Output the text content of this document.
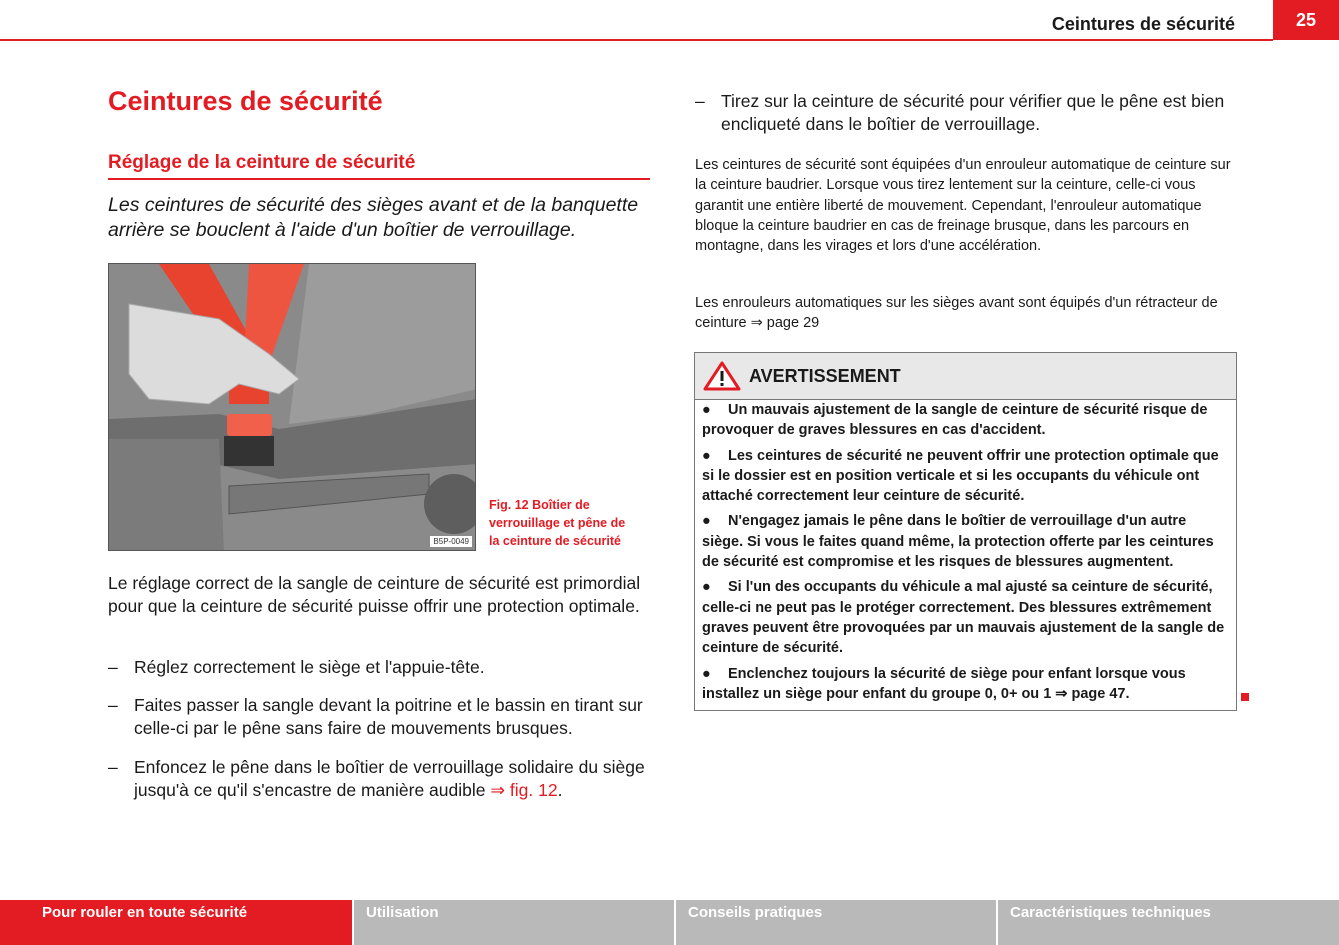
Ceintures de sécurité	25
Ceintures de sécurité
Réglage de la ceinture de sécurité
Les ceintures de sécurité des sièges avant et de la banquette arrière se bouclent à l'aide d'un boîtier de verrouillage.
B5P-0049
Fig. 12 Boîtier de verrouillage et pêne de la ceinture de sécurité
Le réglage correct de la sangle de ceinture de sécurité est primordial pour que la ceinture de sécurité puisse offrir une protection optimale.
– Réglez correctement le siège et l'appuie-tête.
– Faites passer la sangle devant la poitrine et le bassin en tirant sur celle-ci par le pêne sans faire de mouvements brusques.
– Enfoncez le pêne dans le boîtier de verrouillage solidaire du siège jusqu'à ce qu'il s'encastre de manière audible ⇒ fig. 12.
– Tirez sur la ceinture de sécurité pour vérifier que le pêne est bien encliqueté dans le boîtier de verrouillage.
Les ceintures de sécurité sont équipées d'un enrouleur automatique de ceinture sur la ceinture baudrier. Lorsque vous tirez lentement sur la ceinture, celle-ci vous garantit une entière liberté de mouvement. Cependant, l'enrouleur automatique bloque la ceinture baudrier en cas de freinage brusque, dans les parcours en montagne, dans les virages et lors d'une accélération.
Les enrouleurs automatiques sur les sièges avant sont équipés d'un rétracteur de ceinture ⇒ page 29
AVERTISSEMENT
● Un mauvais ajustement de la sangle de ceinture de sécurité risque de provoquer de graves blessures en cas d'accident.
● Les ceintures de sécurité ne peuvent offrir une protection optimale que si le dossier est en position verticale et si les occupants du véhicule ont attaché correctement leur ceinture de sécurité.
● N'engagez jamais le pêne dans le boîtier de verrouillage d'un autre siège. Si vous le faites quand même, la protection offerte par les ceintures de sécurité est compromise et les risques de blessures augmentent.
● Si l'un des occupants du véhicule a mal ajusté sa ceinture de sécurité, celle-ci ne peut pas le protéger correctement. Des blessures extrêmement graves peuvent être provoquées par un mauvais ajustement de la sangle de ceinture de sécurité.
● Enclenchez toujours la sécurité de siège pour enfant lorsque vous installez un siège pour enfant du groupe 0, 0+ ou 1 ⇒ page 47.
Pour rouler en toute sécurité	Utilisation	Conseils pratiques	Caractéristiques techniques
